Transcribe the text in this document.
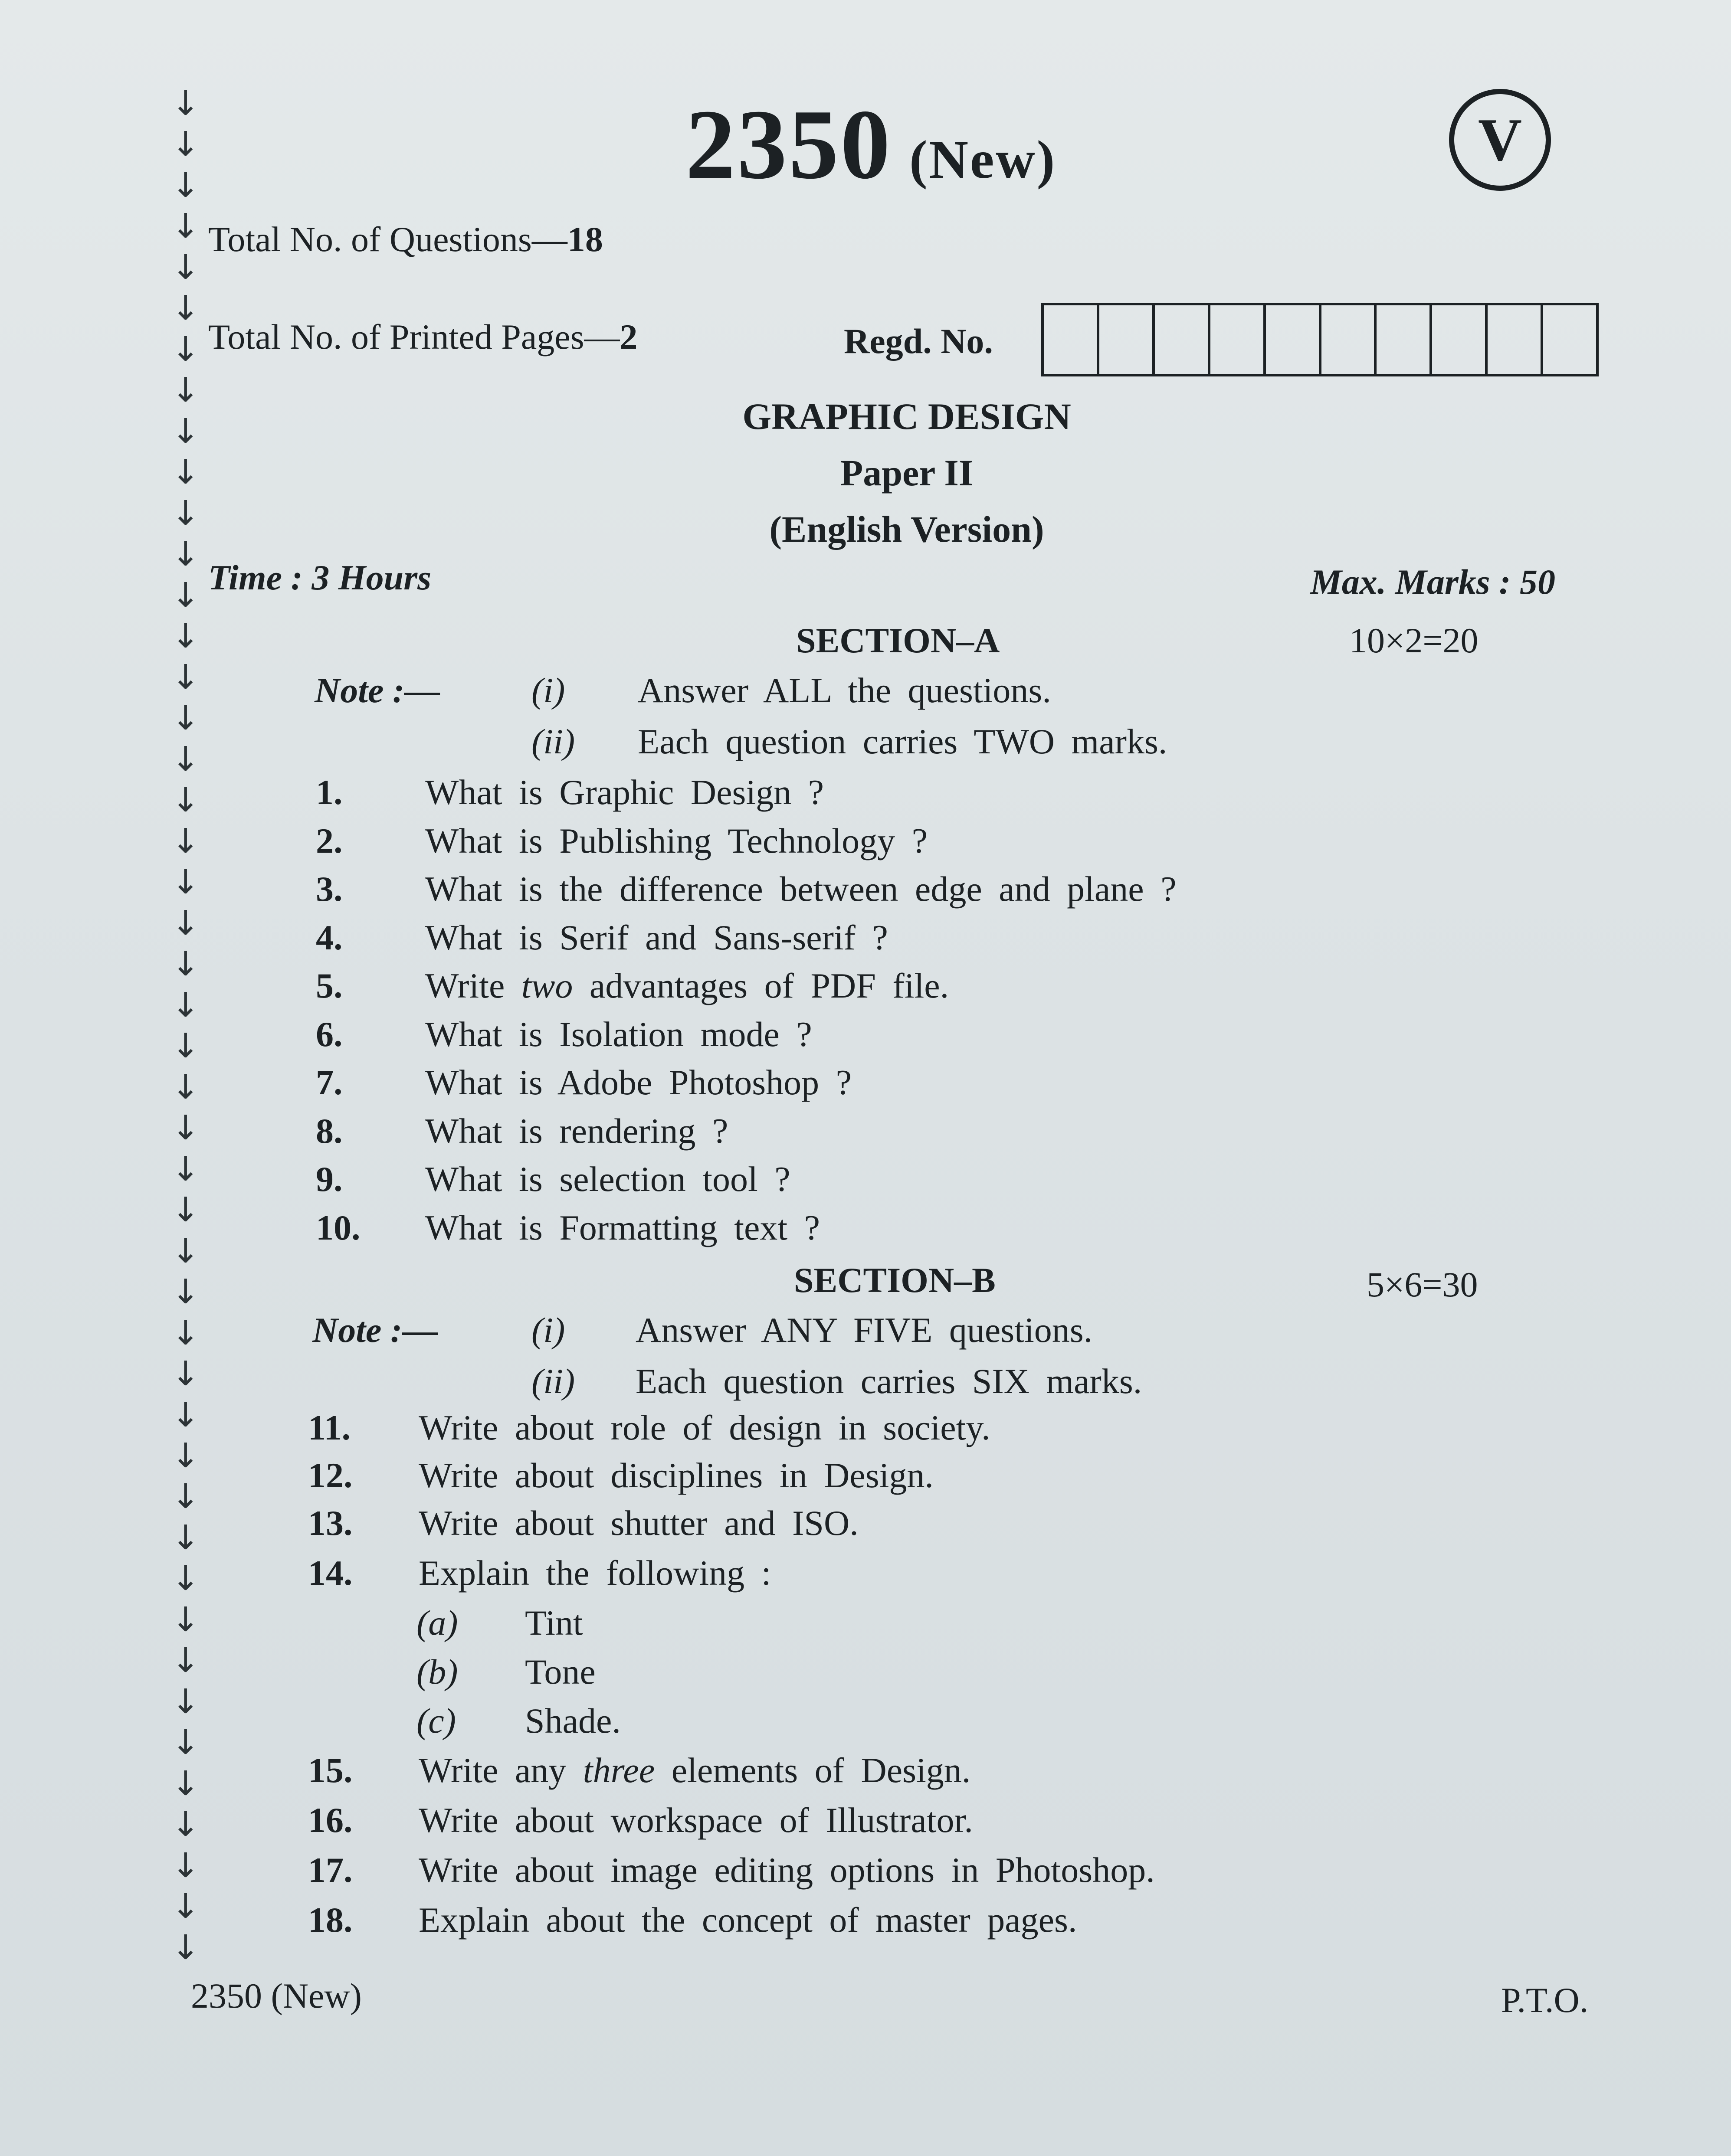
↓
↓
↓
↓
↓
↓
↓
↓
↓
↓
↓
↓
↓
↓
↓
↓
↓
↓
↓
↓
↓
↓
↓
↓
↓
↓
↓
↓
↓
↓
↓
↓
↓
↓
↓
↓
↓
↓
↓
↓
↓
↓
↓
↓
↓
↓
2350 (New)	V
Total No. of Questions—18
Total No. of Printed Pages—2	Regd. No.
GRAPHIC DESIGN
Paper II
(English Version)
Time : 3 Hours	Max. Marks : 50
SECTION–A	10×2=20
Note :—	(i) Answer ALL the questions.
(ii) Each question carries TWO marks.
1. What is Graphic Design ?
2. What is Publishing Technology ?
3. What is the difference between edge and plane ?
4. What is Serif and Sans-serif ?
5. Write two advantages of PDF file.
6. What is Isolation mode ?
7. What is Adobe Photoshop ?
8. What is rendering ?
9. What is selection tool ?
10. What is Formatting text ?
SECTION–B	5×6=30
Note :—	(i) Answer ANY FIVE questions.
(ii) Each question carries SIX marks.
11. Write about role of design in society.
12. Write about disciplines in Design.
13. Write about shutter and ISO.
14. Explain the following :
15. Write any three elements of Design.
16. Write about workspace of Illustrator.
17. Write about image editing options in Photoshop.
18. Explain about the concept of master pages.
(a) Tint
(b) Tone
(c) Shade.
2350 (New)	P.T.O.
